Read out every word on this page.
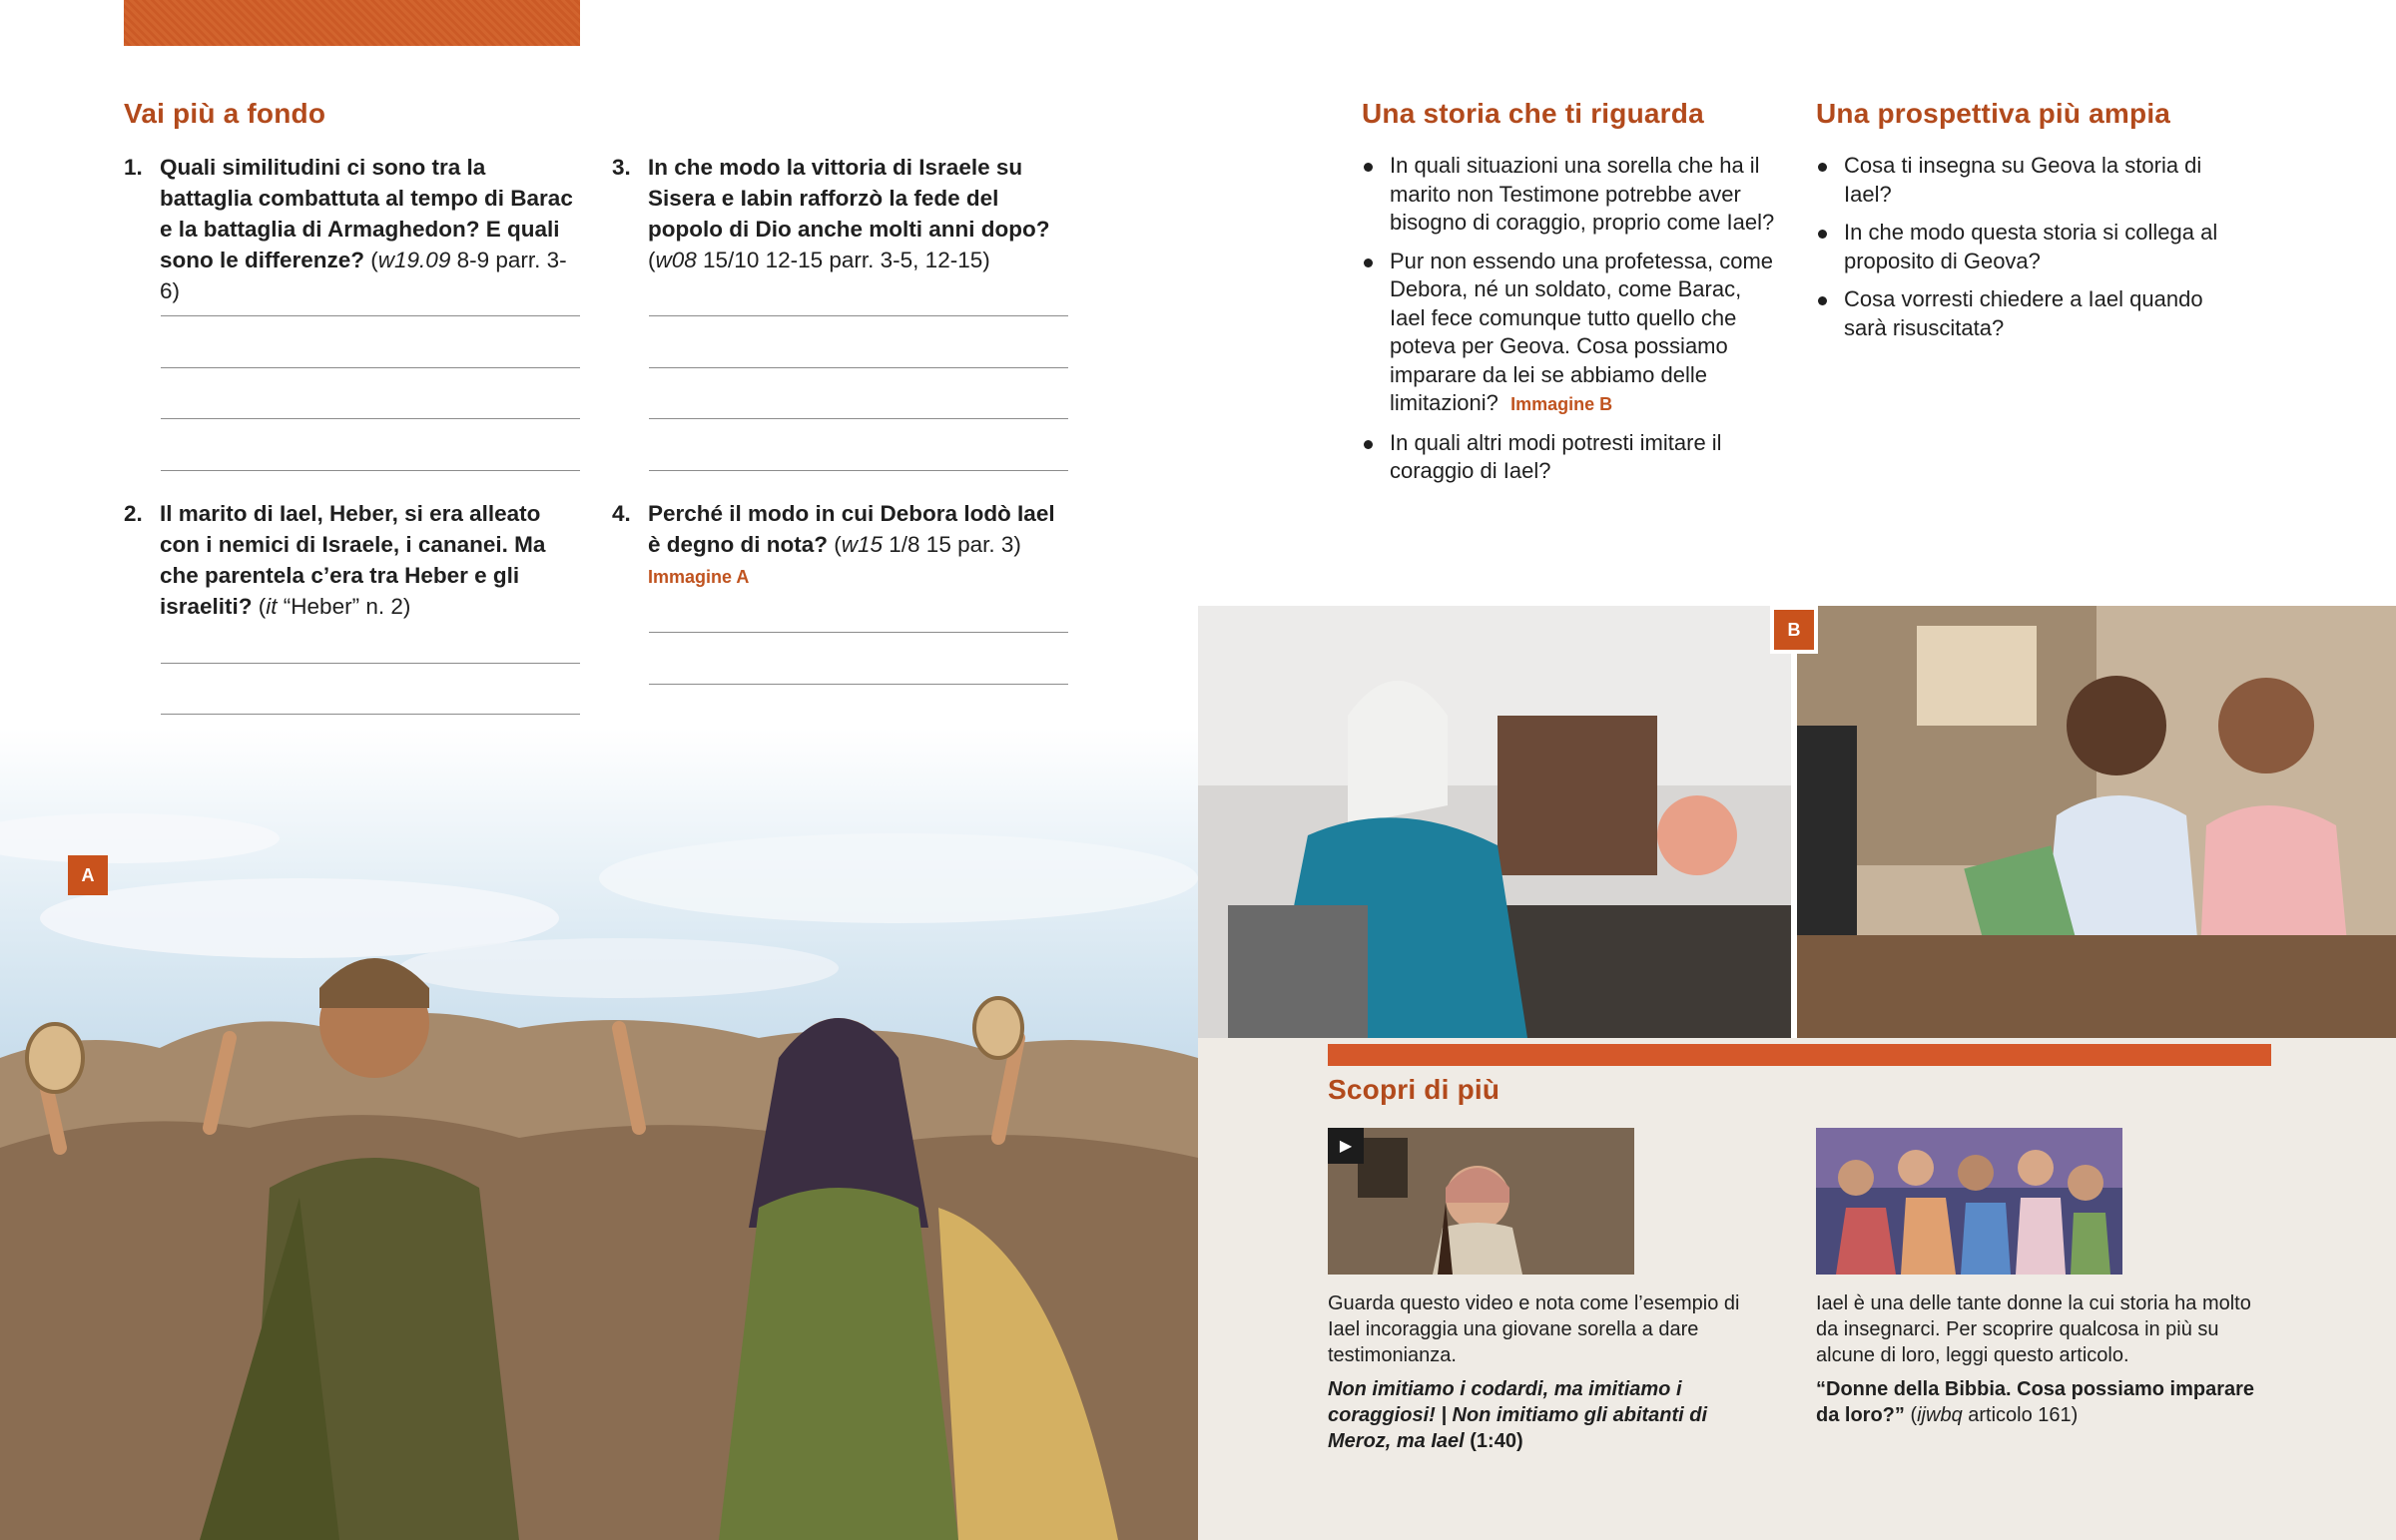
Vai più a fondo
1. Quali similitudini ci sono tra la battaglia combattuta al tempo di Barac e la battaglia di Armaghedon? E quali sono le differenze? (w19.09 8-9 parr. 3-6)
2. Il marito di Iael, Heber, si era alleato con i nemici di Israele, i cananei. Ma che parentela c’era tra Heber e gli israeliti? (it “Heber” n. 2)
3. In che modo la vittoria di Israele su Sisera e Iabin rafforzò la fede del popolo di Dio anche molti anni dopo? (w08 15/10 12-15 parr. 3-5, 12-15)
4. Perché il modo in cui Debora lodò Iael è degno di nota? (w15 1/8 15 par. 3)
Immagine A
A
Una storia che ti riguarda
In quali situazioni una sorella che ha il marito non Testimone potrebbe aver bisogno di coraggio, proprio come Iael?
Pur non essendo una profetessa, come Debora, né un soldato, come Barac, Iael fece comunque tutto quello che poteva per Geova. Cosa possiamo imparare da lei se abbiamo delle limitazioni? Immagine B
In quali altri modi potresti imitare il coraggio di Iael?
Una prospettiva più ampia
Cosa ti insegna su Geova la storia di Iael?
In che modo questa storia si collega al proposito di Geova?
Cosa vorresti chiedere a Iael quando sarà risuscitata?
B
Scopri di più
▶

Guarda questo video e nota come l’esempio di Iael incoraggia una giovane sorella a dare testimonianza.

Non imitiamo i codardi, ma imitiamo i coraggiosi! | Non imitiamo gli abitanti di Meroz, ma Iael (1:40)

Iael è una delle tante donne la cui storia ha molto da insegnarci. Per scoprire qualcosa in più su alcune di loro, leggi questo articolo.

“Donne della Bibbia. Cosa possiamo imparare da loro?” (ijwbq articolo 161)
